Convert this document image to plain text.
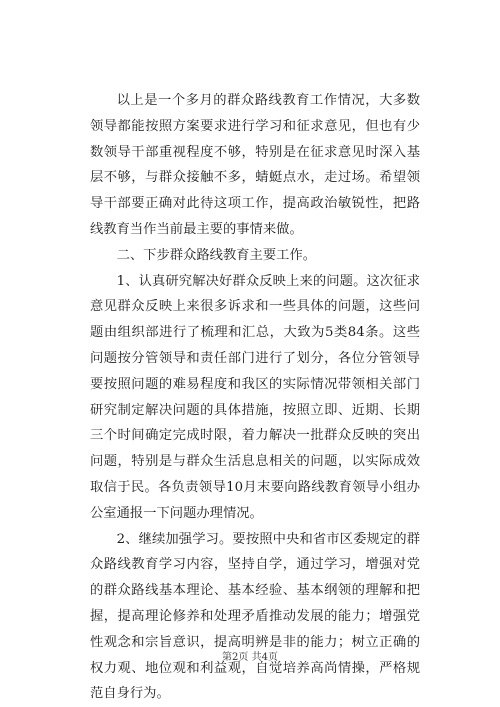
以上是一个多月的群众路线教育工作情况，大多数领导都能按照方案要求进行学习和征求意见，但也有少数领导干部重视程度不够，特别是在征求意见时深入基层不够，与群众接触不多，蜻蜓点水，走过场。希望领导干部要正确对此待这项工作，提高政治敏锐性，把路线教育当作当前最主要的事情来做。

二、下步群众路线教育主要工作。

1、认真研究解决好群众反映上来的问题。这次征求意见群众反映上来很多诉求和一些具体的问题，这些问题由组织部进行了梳理和汇总，大致为5类84条。这些问题按分管领导和责任部门进行了划分，各位分管领导要按照问题的难易程度和我区的实际情况带领相关部门研究制定解决问题的具体措施，按照立即、近期、长期三个时间确定完成时限，着力解决一批群众反映的突出问题，特别是与群众生活息息相关的问题，以实际成效取信于民。各负责领导10月末要向路线教育领导小组办公室通报一下问题办理情况。

2、继续加强学习。要按照中央和省市区委规定的群众路线教育学习内容，坚持自学，通过学习，增强对党的群众路线基本理论、基本经验、基本纲领的理解和把握，提高理论修养和处理矛盾推动发展的能力；增强党性观念和宗旨意识，提高明辨是非的能力；树立正确的权力观、地位观和利益观，自觉培养高尚情操，严格规范自身行为。

第2页 共4页
